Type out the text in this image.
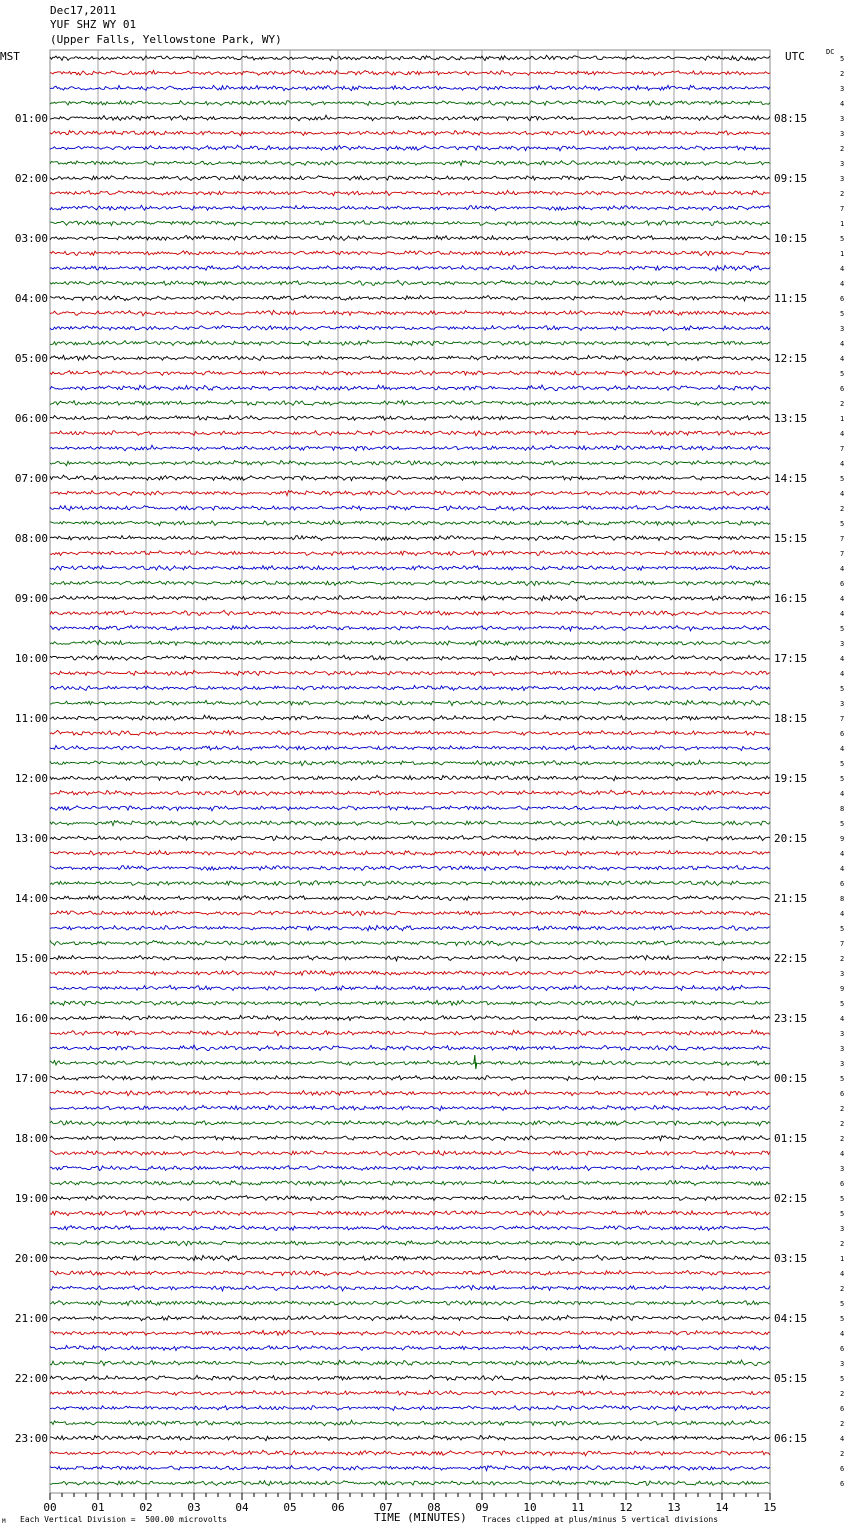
Dec17,2011
YUF SHZ WY 01
(Upper Falls, Yellowstone Park, WY)
MST	UTC	DC
01:00	08:15
02:00	09:15
03:00	10:15
04:00	11:15
05:00	12:15
06:00	13:15
07:00	14:15
08:00	15:15
09:00	16:15
10:00	17:15
11:00	18:15
12:00	19:15
13:00	20:15
14:00	21:15
15:00	22:15
16:00	23:15
17:00	00:15
18:00	01:15
19:00	02:15
20:00	03:15
21:00	04:15
22:00	05:15
23:00	06:15
5
2
3
4
3
3
2
3
3
2
7
1
5
1
4
4
6
5
3
4
4
5
6
2
1
4
7
4
5
4
2
5
7
7
4
6
4
4
5
3
4
4
5
3
7
6
4
5
5
4
8
5
9
4
4
6
8
4
5
7
2
3
9
5
4
3
3
3
5
6
2
2
2
4
3
6
5
5
3
2
1
4
2
5
5
4
6
3
5
2
6
2
4
2
6
6
00	01	02	03	04	05	06	07	08	09	10	11	12	13	14	15
M Each Vertical Division =  500.00 microvolts	TIME (MINUTES) Traces clipped at plus/minus 5 vertical divisions
